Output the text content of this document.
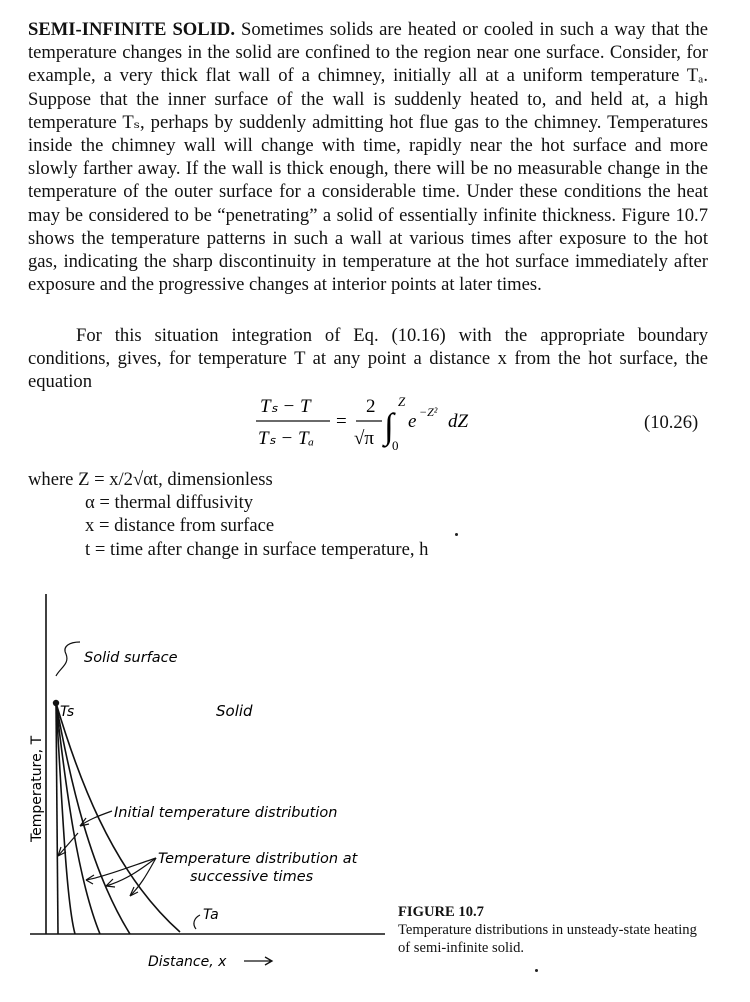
SEMI-INFINITE SOLID. Sometimes solids are heated or cooled in such a way that the temperature changes in the solid are confined to the region near one surface. Consider, for example, a very thick flat wall of a chimney, initially all at a uniform temperature Tₐ. Suppose that the inner surface of the wall is suddenly heated to, and held at, a high temperature Tₛ, perhaps by suddenly admitting hot flue gas to the chimney. Temperatures inside the chimney wall will change with time, rapidly near the hot surface and more slowly farther away. If the wall is thick enough, there will be no measurable change in the temperature of the outer surface for a considerable time. Under these conditions the heat may be considered to be “penetrating” a solid of essentially infinite thickness. Figure 10.7 shows the temperature patterns in such a wall at various times after exposure to the hot gas, indicating the sharp discontinuity in temperature at the hot surface immediately after exposure and the progressive changes at interior points at later times.

For this situation integration of Eq. (10.16) with the appropriate boundary conditions, gives, for temperature T at any point a distance x from the hot surface, the equation

Tₛ − T
Tₛ − Tₐ
=
2
√π ∫
Z
0
e −Z² dZ	(10.26)
where Z = x/2√αt, dimensionless
α = thermal diffusivity
x = distance from surface
t = time after change in surface temperature, h
Solid surface
Ts	Solid
Temperature, T	Initial temperature distribution
Temperature distribution at
successive times
Ta
Distance, x
FIGURE 10.7
Temperature distributions in unsteady-state heating of semi-infinite solid.
